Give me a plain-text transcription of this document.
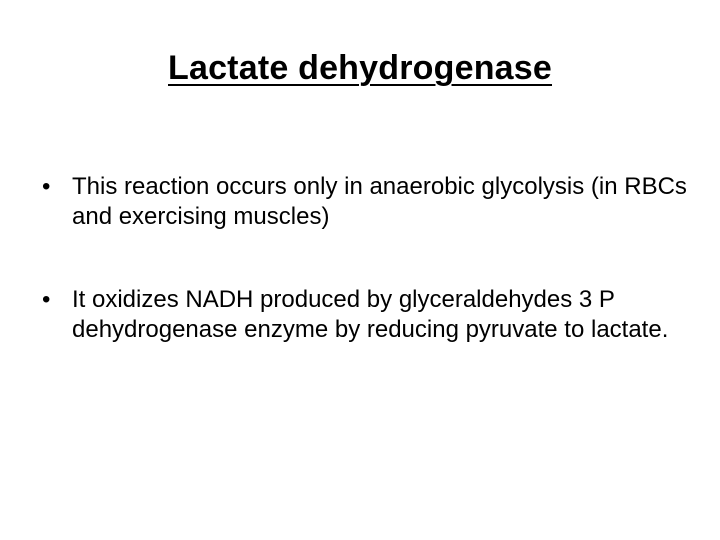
Lactate dehydrogenase
• This reaction occurs only in anaerobic glycolysis (in RBCs and exercising muscles)
• It oxidizes NADH produced by glyceraldehydes 3 P dehydrogenase enzyme by reducing pyruvate to lactate.
